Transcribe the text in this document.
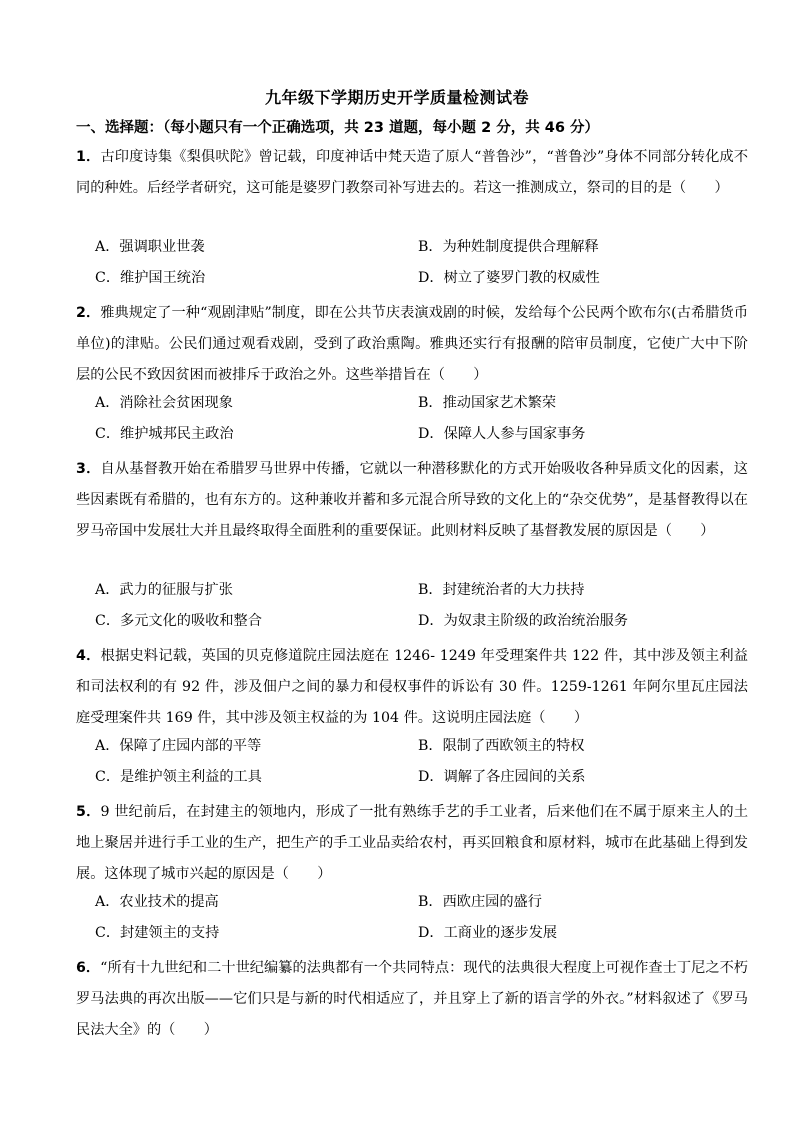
九年级下学期历史开学质量检测试卷
一、选择题：（每小题只有一个正确选项，共 23 道题，每小题 2 分，共 46 分）
1．古印度诗集《梨俱吠陀》曾记载，印度神话中梵天造了原人“普鲁沙”，“普鲁沙”身体不同部分转化成不同的种姓。后经学者研究，这可能是婆罗门教祭司补写进去的。若这一推测成立，祭司的目的是（　　）
A．强调职业世袭	B．为种姓制度提供合理解释
C．维护国王统治	D．树立了婆罗门教的权威性
2．雅典规定了一种“观剧津贴”制度，即在公共节庆表演戏剧的时候，发给每个公民两个欧布尔(古希腊货币单位)的津贴。公民们通过观看戏剧，受到了政治熏陶。雅典还实行有报酬的陪审员制度，它使广大中下阶层的公民不致因贫困而被排斥于政治之外。这些举措旨在（　　）
A．消除社会贫困现象	B．推动国家艺术繁荣
C．维护城邦民主政治	D．保障人人参与国家事务
3．自从基督教开始在希腊罗马世界中传播，它就以一种潜移默化的方式开始吸收各种异质文化的因素，这些因素既有希腊的，也有东方的。这种兼收并蓄和多元混合所导致的文化上的“杂交优势”，是基督教得以在罗马帝国中发展壮大并且最终取得全面胜利的重要保证。此则材料反映了基督教发展的原因是（　　）
A．武力的征服与扩张	B．封建统治者的大力扶持
C．多元文化的吸收和整合	D．为奴隶主阶级的政治统治服务
4．根据史料记载，英国的贝克修道院庄园法庭在 1246- 1249 年受理案件共 122 件，其中涉及领主利益和司法权利的有 92 件，涉及佃户之间的暴力和侵权事件的诉讼有 30 件。1259-1261 年阿尔里瓦庄园法庭受理案件共 169 件，其中涉及领主权益的为 104 件。这说明庄园法庭（　　）
A．保障了庄园内部的平等	B．限制了西欧领主的特权
C．是维护领主利益的工具	D．调解了各庄园间的关系
5．9 世纪前后，在封建主的领地内，形成了一批有熟练手艺的手工业者，后来他们在不属于原来主人的土地上聚居并进行手工业的生产，把生产的手工业品卖给农村，再买回粮食和原材料，城市在此基础上得到发展。这体现了城市兴起的原因是（　　）
A．农业技术的提高	B．西欧庄园的盛行
C．封建领主的支持	D．工商业的逐步发展
6．“所有十九世纪和二十世纪编纂的法典都有一个共同特点：现代的法典很大程度上可视作查士丁尼之不朽罗马法典的再次出版——它们只是与新的时代相适应了，并且穿上了新的语言学的外衣。”材料叙述了《罗马民法大全》的（　　）
